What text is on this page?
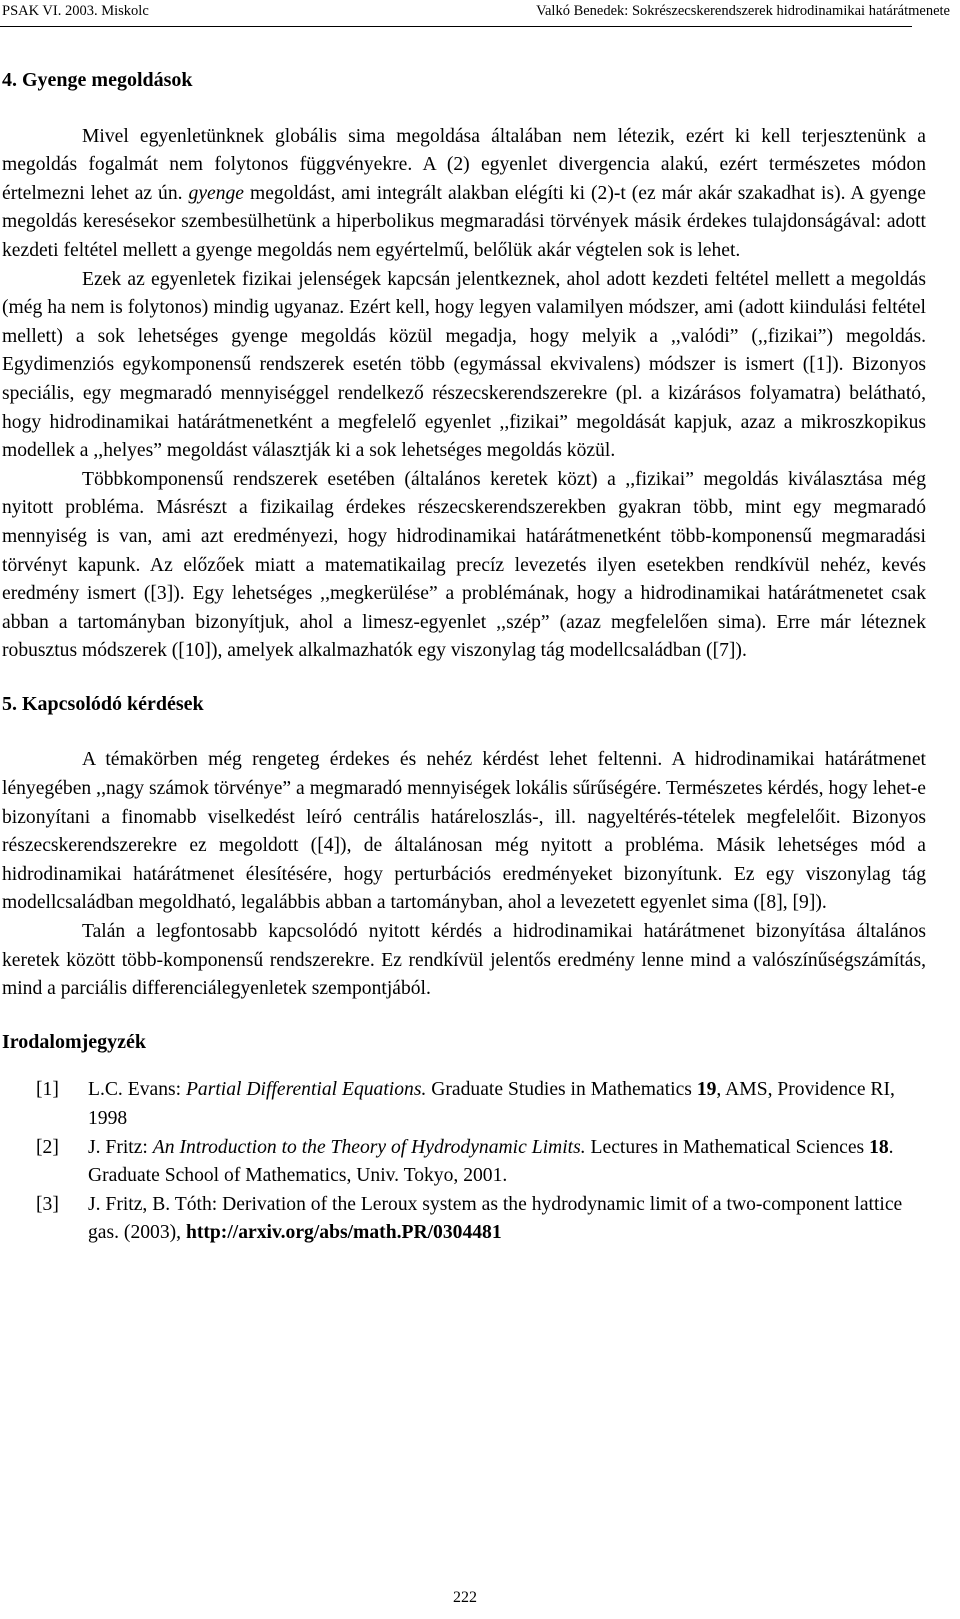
PSAK VI. 2003. Miskolc	Valkó Benedek: Sokrészecskerendszerek hidrodinamikai határátmenete
4. Gyenge megoldások

Mivel egyenletünknek globális sima megoldása általában nem létezik, ezért ki kell terjesztenünk a megoldás fogalmát nem folytonos függvényekre. A (2) egyenlet divergencia alakú, ezért természetes módon értelmezni lehet az ún. gyenge megoldást, ami integrált alakban elégíti ki (2)-t (ez már akár szakadhat is). A gyenge megoldás keresésekor szembesülhetünk a hiperbolikus megmaradási törvények másik érdekes tulajdonságával: adott kezdeti feltétel mellett a gyenge megoldás nem egyértelmű, belőlük akár végtelen sok is lehet.

Ezek az egyenletek fizikai jelenségek kapcsán jelentkeznek, ahol adott kezdeti feltétel mellett a megoldás (még ha nem is folytonos) mindig ugyanaz. Ezért kell, hogy legyen valamilyen módszer, ami (adott kiindulási feltétel mellett) a sok lehetséges gyenge megoldás közül megadja, hogy melyik a ,,valódi” (,,fizikai”) megoldás. Egydimenziós egykomponensű rendszerek esetén több (egymással ekvivalens) módszer is ismert ([1]). Bizonyos speciális, egy megmaradó mennyiséggel rendelkező részecskerendszerekre (pl. a kizárásos folyamatra) belátható, hogy hidrodinamikai határátmenetként a megfelelő egyenlet ,,fizikai” megoldását kapjuk, azaz a mikroszkopikus modellek a ,,helyes” megoldást választják ki a sok lehetséges megoldás közül.

Többkomponensű rendszerek esetében (általános keretek közt) a ,,fizikai” megoldás kiválasztása még nyitott probléma. Másrészt a fizikailag érdekes részecskerendszerekben gyakran több, mint egy megmaradó mennyiség is van, ami azt eredményezi, hogy hidrodinamikai határátmenetként több-komponensű megmaradási törvényt kapunk. Az előzőek miatt a matematikailag precíz levezetés ilyen esetekben rendkívül nehéz, kevés eredmény ismert ([3]). Egy lehetséges ,,megkerülése” a problémának, hogy a hidrodinamikai határátmenetet csak abban a tartományban bizonyítjuk, ahol a limesz-egyenlet ,,szép” (azaz megfelelően sima). Erre már léteznek robusztus módszerek ([10]), amelyek alkalmazhatók egy viszonylag tág modellcsaládban ([7]).

5. Kapcsolódó kérdések

A témakörben még rengeteg érdekes és nehéz kérdést lehet feltenni. A hidrodinamikai határátmenet lényegében ,,nagy számok törvénye” a megmaradó mennyiségek lokális sűrűségére. Természetes kérdés, hogy lehet-e bizonyítani a finomabb viselkedést leíró centrális határeloszlás-, ill. nagyeltérés-tételek megfelelőit. Bizonyos részecskerendszerekre ez megoldott ([4]), de általánosan még nyitott a probléma. Másik lehetséges mód a hidrodinamikai határátmenet élesítésére, hogy perturbációs eredményeket bizonyítunk. Ez egy viszonylag tág modellcsaládban megoldható, legalábbis abban a tartományban, ahol a levezetett egyenlet sima ([8], [9]).

Talán a legfontosabb kapcsolódó nyitott kérdés a hidrodinamikai határátmenet bizonyítása általános keretek között több-komponensű rendszerekre. Ez rendkívül jelentős eredmény lenne mind a valószínűségszámítás, mind a parciális differenciálegyenletek szempontjából.

Irodalomjegyzék
[1]	L.C. Evans: Partial Differential Equations. Graduate Studies in Mathematics 19, AMS, Providence RI, 1998
[2]	J. Fritz: An Introduction to the Theory of Hydrodynamic Limits. Lectures in Mathematical Sciences 18. Graduate School of Mathematics, Univ. Tokyo, 2001.
[3]	J. Fritz, B. Tóth: Derivation of the Leroux system as the hydrodynamic limit of a two-component lattice gas. (2003), http://arxiv.org/abs/math.PR/0304481
222
